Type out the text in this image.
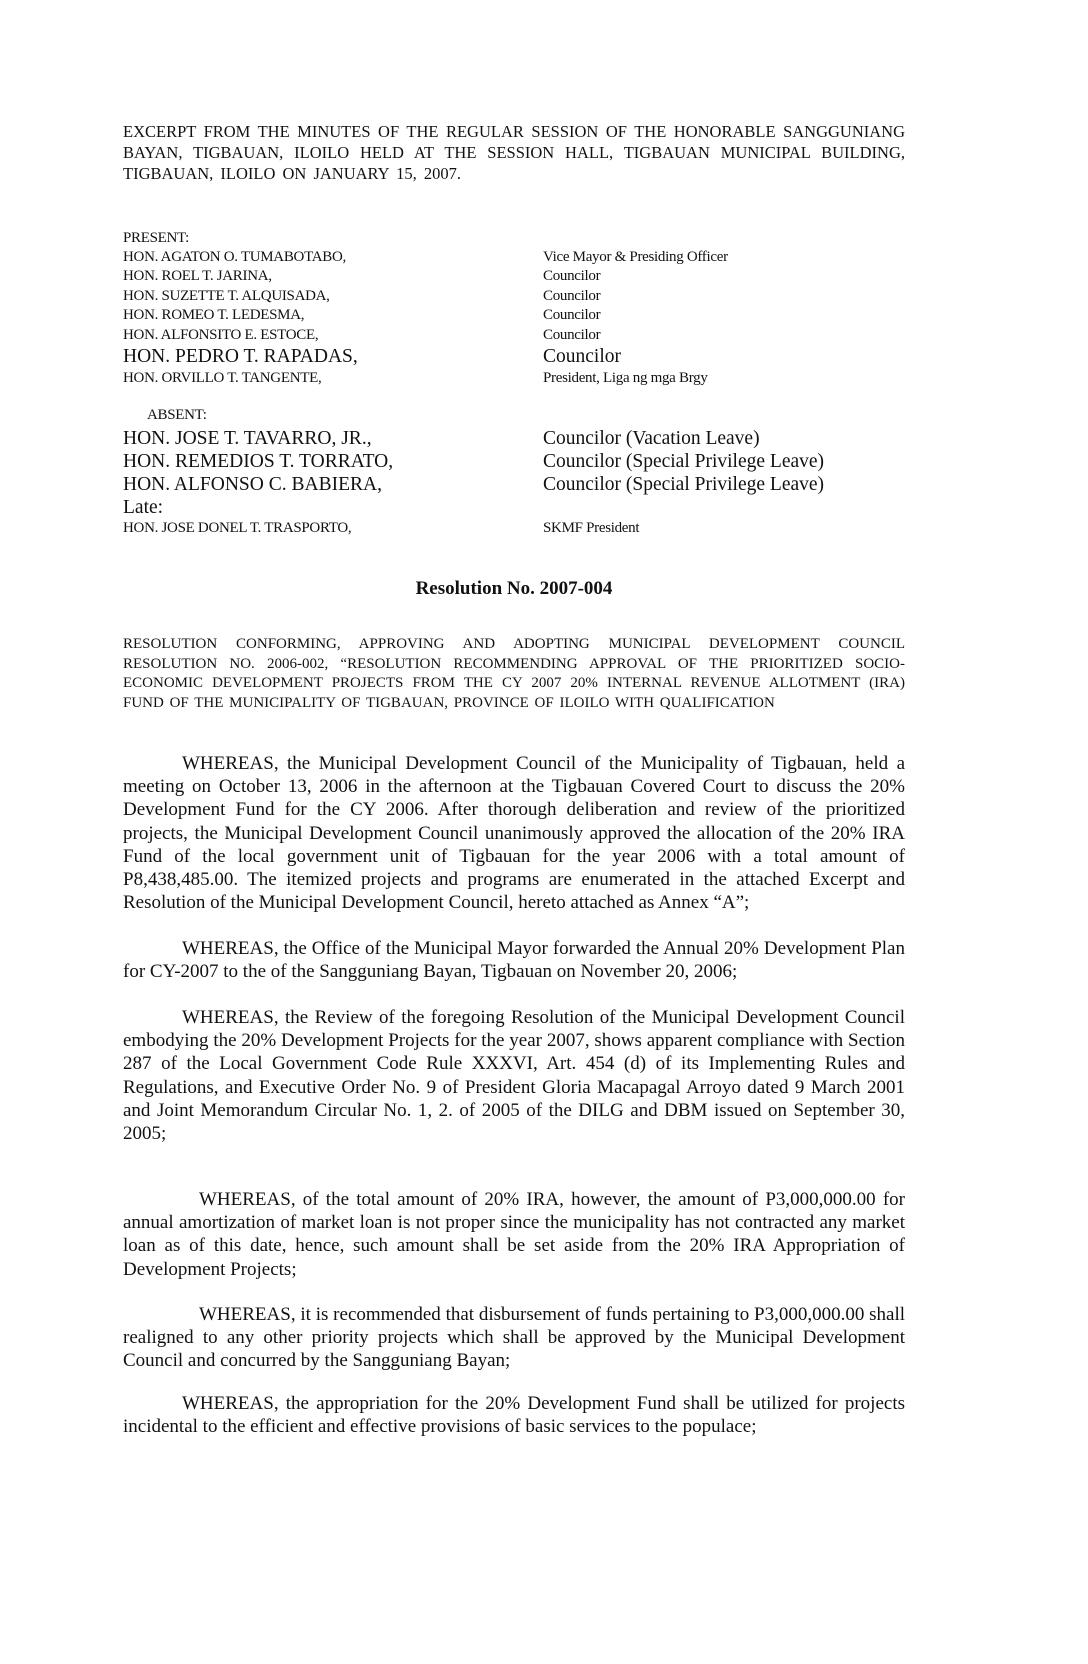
EXCERPT FROM THE MINUTES OF THE REGULAR SESSION OF THE HONORABLE SANGGUNIANG BAYAN, TIGBAUAN, ILOILO HELD AT THE SESSION HALL, TIGBAUAN MUNICIPAL BUILDING, TIGBAUAN, ILOILO ON JANUARY 15, 2007.
PRESENT:
HON. AGATON O. TUMABOTABO,	Vice Mayor & Presiding Officer
HON. ROEL T. JARINA,	Councilor
HON. SUZETTE T. ALQUISADA,	Councilor
HON. ROMEO T. LEDESMA,	Councilor
HON. ALFONSITO E. ESTOCE,	Councilor
HON. PEDRO T. RAPADAS,	Councilor
HON. ORVILLO T. TANGENTE,	President, Liga ng mga Brgy
ABSENT:
HON. JOSE T. TAVARRO, JR.,	Councilor (Vacation Leave)
HON. REMEDIOS T. TORRATO,	Councilor (Special Privilege Leave)
HON. ALFONSO C. BABIERA,	Councilor (Special Privilege Leave)
Late:
HON. JOSE DONEL T. TRASPORTO,	SKMF President
Resolution No. 2007-004
RESOLUTION CONFORMING, APPROVING AND ADOPTING MUNICIPAL DEVELOPMENT COUNCIL RESOLUTION NO. 2006-002, “RESOLUTION RECOMMENDING APPROVAL OF THE PRIORITIZED SOCIO-ECONOMIC DEVELOPMENT PROJECTS FROM THE CY 2007 20% INTERNAL REVENUE ALLOTMENT (IRA) FUND OF THE MUNICIPALITY OF TIGBAUAN, PROVINCE OF ILOILO WITH QUALIFICATION
WHEREAS, the Municipal Development Council of the Municipality of Tigbauan, held a meeting on October 13, 2006 in the afternoon at the Tigbauan Covered Court to discuss the 20% Development Fund for the CY 2006. After thorough deliberation and review of the prioritized projects, the Municipal Development Council unanimously approved the allocation of the 20% IRA Fund of the local government unit of Tigbauan for the year 2006 with a total amount of P8,438,485.00. The itemized projects and programs are enumerated in the attached Excerpt and Resolution of the Municipal Development Council, hereto attached as Annex “A”;
WHEREAS, the Office of the Municipal Mayor forwarded the Annual 20% Development Plan for CY-2007 to the of the Sangguniang Bayan, Tigbauan on November 20, 2006;
WHEREAS, the Review of the foregoing Resolution of the Municipal Development Council embodying the 20% Development Projects for the year 2007, shows apparent compliance with Section 287 of the Local Government Code Rule XXXVI, Art. 454 (d) of its Implementing Rules and Regulations, and Executive Order No. 9 of President Gloria Macapagal Arroyo dated 9 March 2001 and Joint Memorandum Circular No. 1, 2. of 2005 of the DILG and DBM issued on September 30, 2005;
WHEREAS, of the total amount of 20% IRA, however, the amount of P3,000,000.00 for annual amortization of market loan is not proper since the municipality has not contracted any market loan as of this date, hence, such amount shall be set aside from the 20% IRA Appropriation of Development Projects;
WHEREAS, it is recommended that disbursement of funds pertaining to P3,000,000.00 shall realigned to any other priority projects which shall be approved by the Municipal Development Council and concurred by the Sangguniang Bayan;
WHEREAS, the appropriation for the 20% Development Fund shall be utilized for projects incidental to the efficient and effective provisions of basic services to the populace;
